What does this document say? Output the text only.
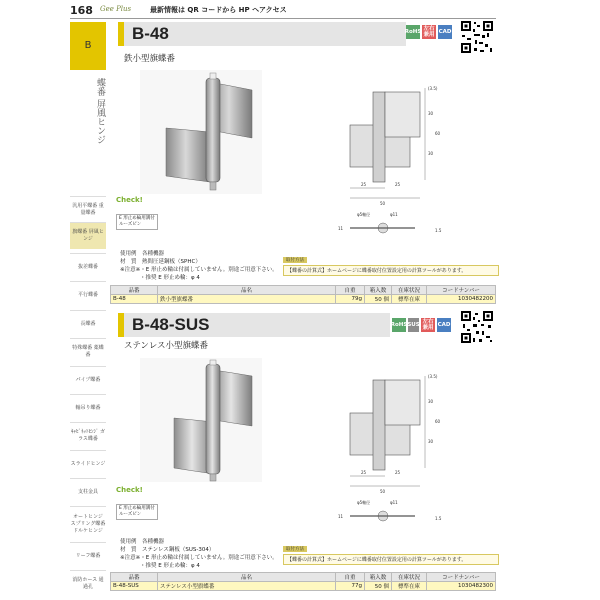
168 Gee Plus	最新情報は QR コードから HP へアクセス
B
蝶番 屏風ヒンジ
汎用平蝶番 重量蝶番
旗蝶番 屏風ヒンジ
抜差蝶番
平行蝶番
長蝶番
特殊蝶番 薬蝶番
パイプ蝶番
軸吊り蝶番
ｷｬﾋﾞﾈｯﾄﾋﾝｼﾞ ガラス蝶番
スライドヒンジ
支柱金具
オートヒンジ スプリング蝶番 ドルケヒンジ
リーフ蝶番
消防ホース 通過孔
B-48
鉄小型旗蝶番
RoHS 左右兼用 CAD
(3.5)
30
60
30
25	25
50
φ5軸径	φ11
11	1.5
Check!
E 形止め輪用溝付 ルーズピン
使用例　 各種機器
材　質　 熱間圧延鋼板（SPHC）
※注意※・E 形止め輪は付属していません。別途ご用意下さい。
・推奨 E 形止め輪：φ 4
取付方法
【蝶番の計算式】ホームページに蝶番取付位置設定用の計算ツールがあります。
品番	品名	自重	箱入数	在庫状況	コードナンバー
B-48	鉄小型旗蝶番	79g	50 個	標準在庫	1030482200
B-48-SUS
ステンレス小型旗蝶番
RoHS SUS 左右兼用 CAD
(3.5)
30
60
30
25	25
50
φ5軸径	φ11
11	1.5
Check!
E 形止め輪用溝付 ルーズピン
使用例　 各種機器
材　質　 ステンレス鋼板（SUS-304）
※注意※・E 形止め輪は付属していません。別途ご用意下さい。
・推奨 E 形止め輪：φ 4
取付方法
【蝶番の計算式】ホームページに蝶番取付位置設定用の計算ツールがあります。
品番	品名	自重	箱入数	在庫状況	コードナンバー
B-48-SUS	ステンレス小型旗蝶番	77g	50 個	標準在庫	1030482300
